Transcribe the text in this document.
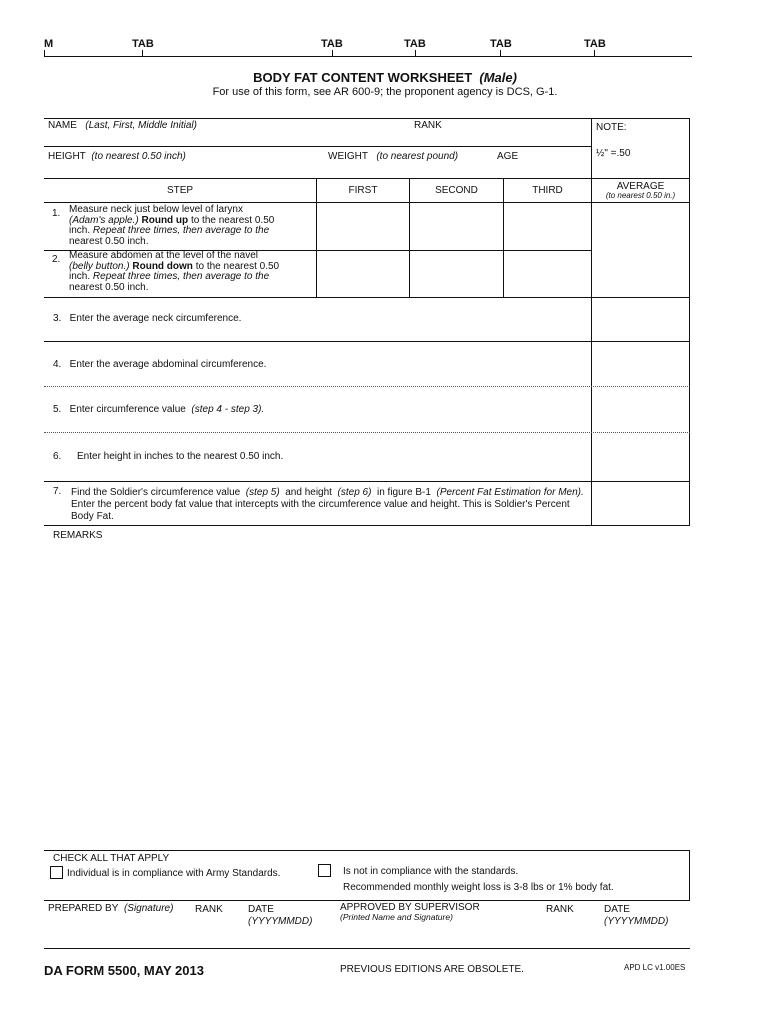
M	TAB	TAB	TAB	TAB	TAB
BODY FAT CONTENT WORKSHEET (Male)
For use of this form, see AR 600-9; the proponent agency is DCS, G-1.
NAME (Last, First, Middle Initial)	RANK	NOTE:
HEIGHT (to nearest 0.50 inch)	WEIGHT (to nearest pound)	AGE	½" =.50
STEP	FIRST	SECOND	THIRD	AVERAGE
(to nearest 0.50 in.)
1. Measure neck just below level of larynx
(Adam's apple.) Round up to the nearest 0.50
inch. Repeat three times, then average to the
nearest 0.50 inch.
2. Measure abdomen at the level of the navel
(belly button.) Round down to the nearest 0.50
inch. Repeat three times, then average to the
nearest 0.50 inch.
3.   Enter the average neck circumference.
4.   Enter the average abdominal circumference.
5.   Enter circumference value (step 4 - step 3).
6. Enter height in inches to the nearest 0.50 inch.
7. Find the Soldier's circumference value (step 5) and height (step 6) in figure B-1 (Percent Fat Estimation for Men).
Enter the percent body fat value that intercepts with the circumference value and height. This is Soldier's Percent
Body Fat.
REMARKS
CHECK ALL THAT APPLY
Individual is in compliance with Army Standards.	Is not in compliance with the standards.
Recommended monthly weight loss is 3-8 lbs or 1% body fat.
PREPARED BY (Signature) RANK	DATE
(YYYYMMDD)
APPROVED BY SUPERVISOR
(Printed Name and Signature)
RANK	DATE
(YYYYMMDD)
DA FORM 5500, MAY 2013	PREVIOUS EDITIONS ARE OBSOLETE.	APD LC v1.00ES
